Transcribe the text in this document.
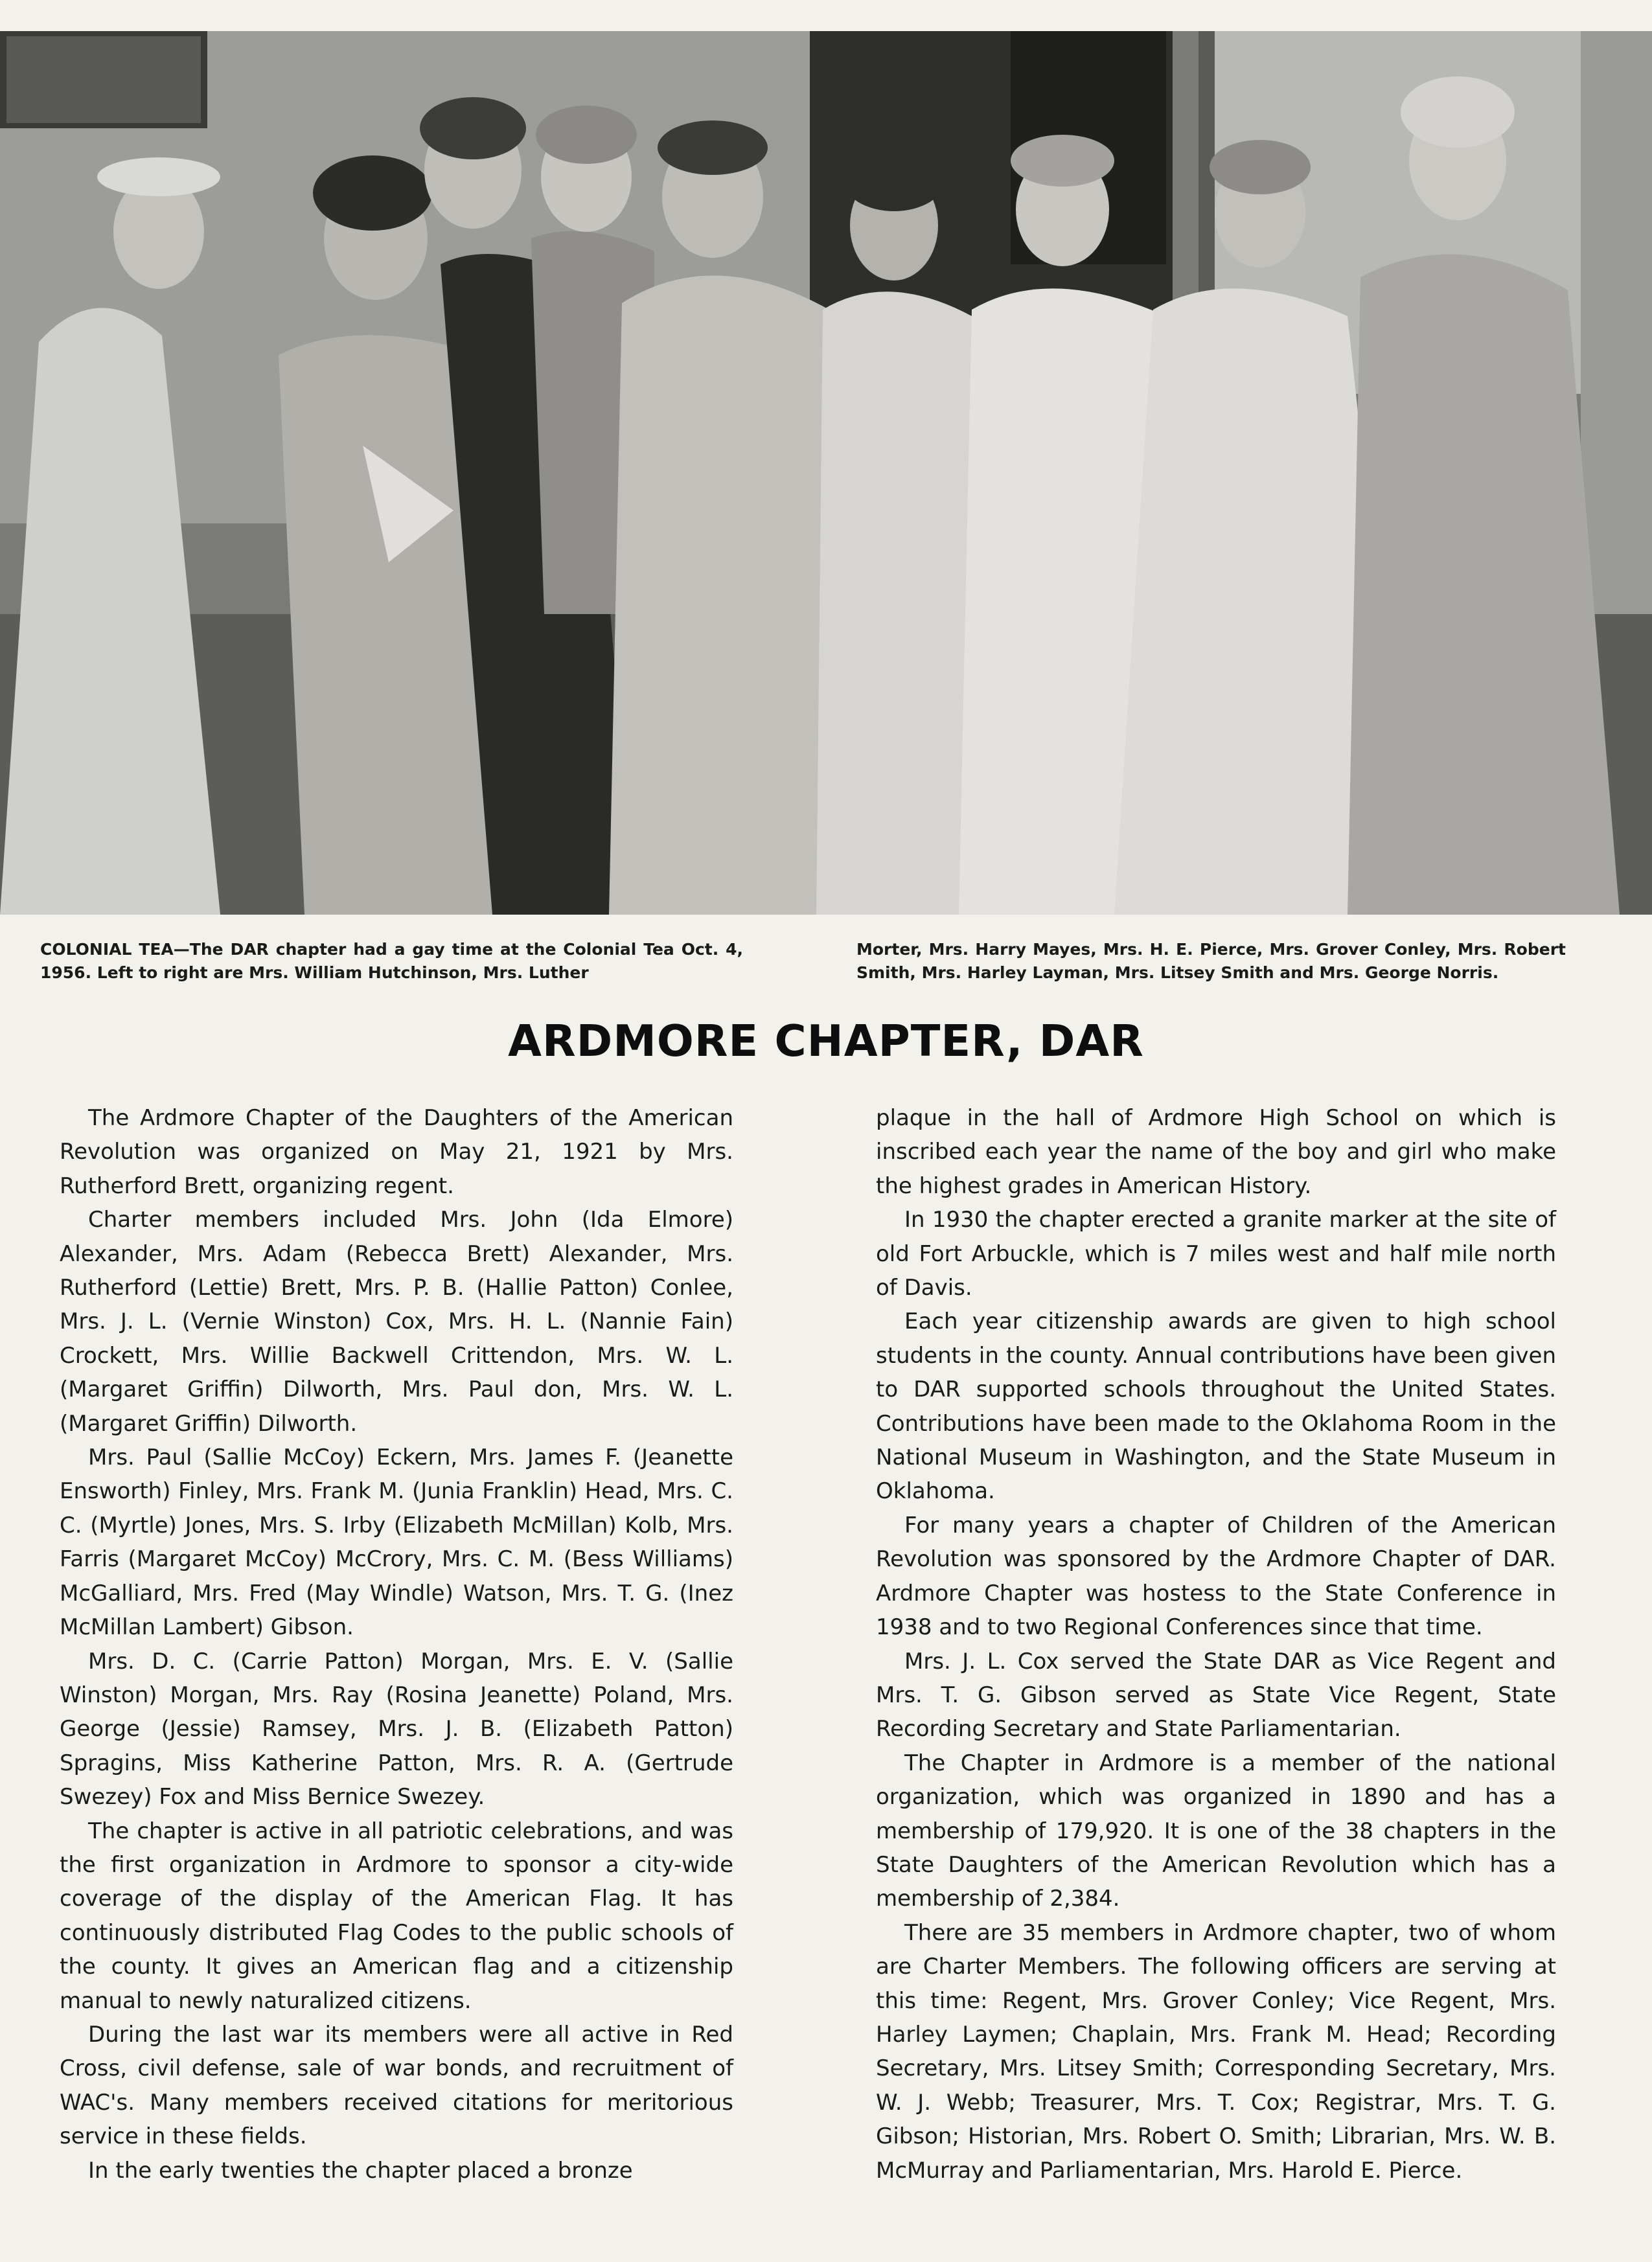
COLONIAL TEA—The DAR chapter had a gay time at the Colonial Tea Oct. 4, 1956. Left to right are Mrs. William Hutchinson, Mrs. Luther
Morter, Mrs. Harry Mayes, Mrs. H. E. Pierce, Mrs. Grover Conley, Mrs. Robert Smith, Mrs. Harley Layman, Mrs. Litsey Smith and Mrs. George Norris.
ARDMORE CHAPTER, DAR

The Ardmore Chapter of the Daughters of the American Revolution was organized on May 21, 1921 by Mrs. Rutherford Brett, organizing regent.

Charter members included Mrs. John (Ida Elmore) Alexander, Mrs. Adam (Rebecca Brett) Alexander, Mrs. Rutherford (Lettie) Brett, Mrs. P. B. (Hallie Patton) Conlee, Mrs. J. L. (Vernie Winston) Cox, Mrs. H. L. (Nannie Fain) Crockett, Mrs. Willie Backwell Crittendon, Mrs. W. L. (Margaret Griffin) Dilworth, Mrs. Paul don, Mrs. W. L. (Margaret Griffin) Dilworth.

Mrs. Paul (Sallie McCoy) Eckern, Mrs. James F. (Jeanette Ensworth) Finley, Mrs. Frank M. (Junia Franklin) Head, Mrs. C. C. (Myrtle) Jones, Mrs. S. Irby (Elizabeth McMillan) Kolb, Mrs. Farris (Margaret McCoy) McCrory, Mrs. C. M. (Bess Williams) McGalliard, Mrs. Fred (May Windle) Watson, Mrs. T. G. (Inez McMillan Lambert) Gibson.

Mrs. D. C. (Carrie Patton) Morgan, Mrs. E. V. (Sallie Winston) Morgan, Mrs. Ray (Rosina Jeanette) Poland, Mrs. George (Jessie) Ramsey, Mrs. J. B. (Elizabeth Patton) Spragins, Miss Katherine Patton, Mrs. R. A. (Gertrude Swezey) Fox and Miss Bernice Swezey.

The chapter is active in all patriotic celebrations, and was the first organization in Ardmore to sponsor a city-wide coverage of the display of the American Flag. It has continuously distributed Flag Codes to the public schools of the county. It gives an American flag and a citizenship manual to newly naturalized citizens.

During the last war its members were all active in Red Cross, civil defense, sale of war bonds, and recruitment of WAC's. Many members received citations for meritorious service in these fields.

In the early twenties the chapter placed a bronze

plaque in the hall of Ardmore High School on which is inscribed each year the name of the boy and girl who make the highest grades in American History.

In 1930 the chapter erected a granite marker at the site of old Fort Arbuckle, which is 7 miles west and half mile north of Davis.

Each year citizenship awards are given to high school students in the county. Annual contributions have been given to DAR supported schools throughout the United States. Contributions have been made to the Oklahoma Room in the National Museum in Washington, and the State Museum in Oklahoma.

For many years a chapter of Children of the American Revolution was sponsored by the Ardmore Chapter of DAR. Ardmore Chapter was hostess to the State Conference in 1938 and to two Regional Conferences since that time.

Mrs. J. L. Cox served the State DAR as Vice Regent and Mrs. T. G. Gibson served as State Vice Regent, State Recording Secretary and State Parliamentarian.

The Chapter in Ardmore is a member of the national organization, which was organized in 1890 and has a membership of 179,920. It is one of the 38 chapters in the State Daughters of the American Revolution which has a membership of 2,384.

There are 35 members in Ardmore chapter, two of whom are Charter Members. The following officers are serving at this time: Regent, Mrs. Grover Conley; Vice Regent, Mrs. Harley Laymen; Chaplain, Mrs. Frank M. Head; Recording Secretary, Mrs. Litsey Smith; Corresponding Secretary, Mrs. W. J. Webb; Treasurer, Mrs. T. Cox; Registrar, Mrs. T. G. Gibson; Historian, Mrs. Robert O. Smith; Librarian, Mrs. W. B. McMurray and Parliamentarian, Mrs. Harold E. Pierce.
